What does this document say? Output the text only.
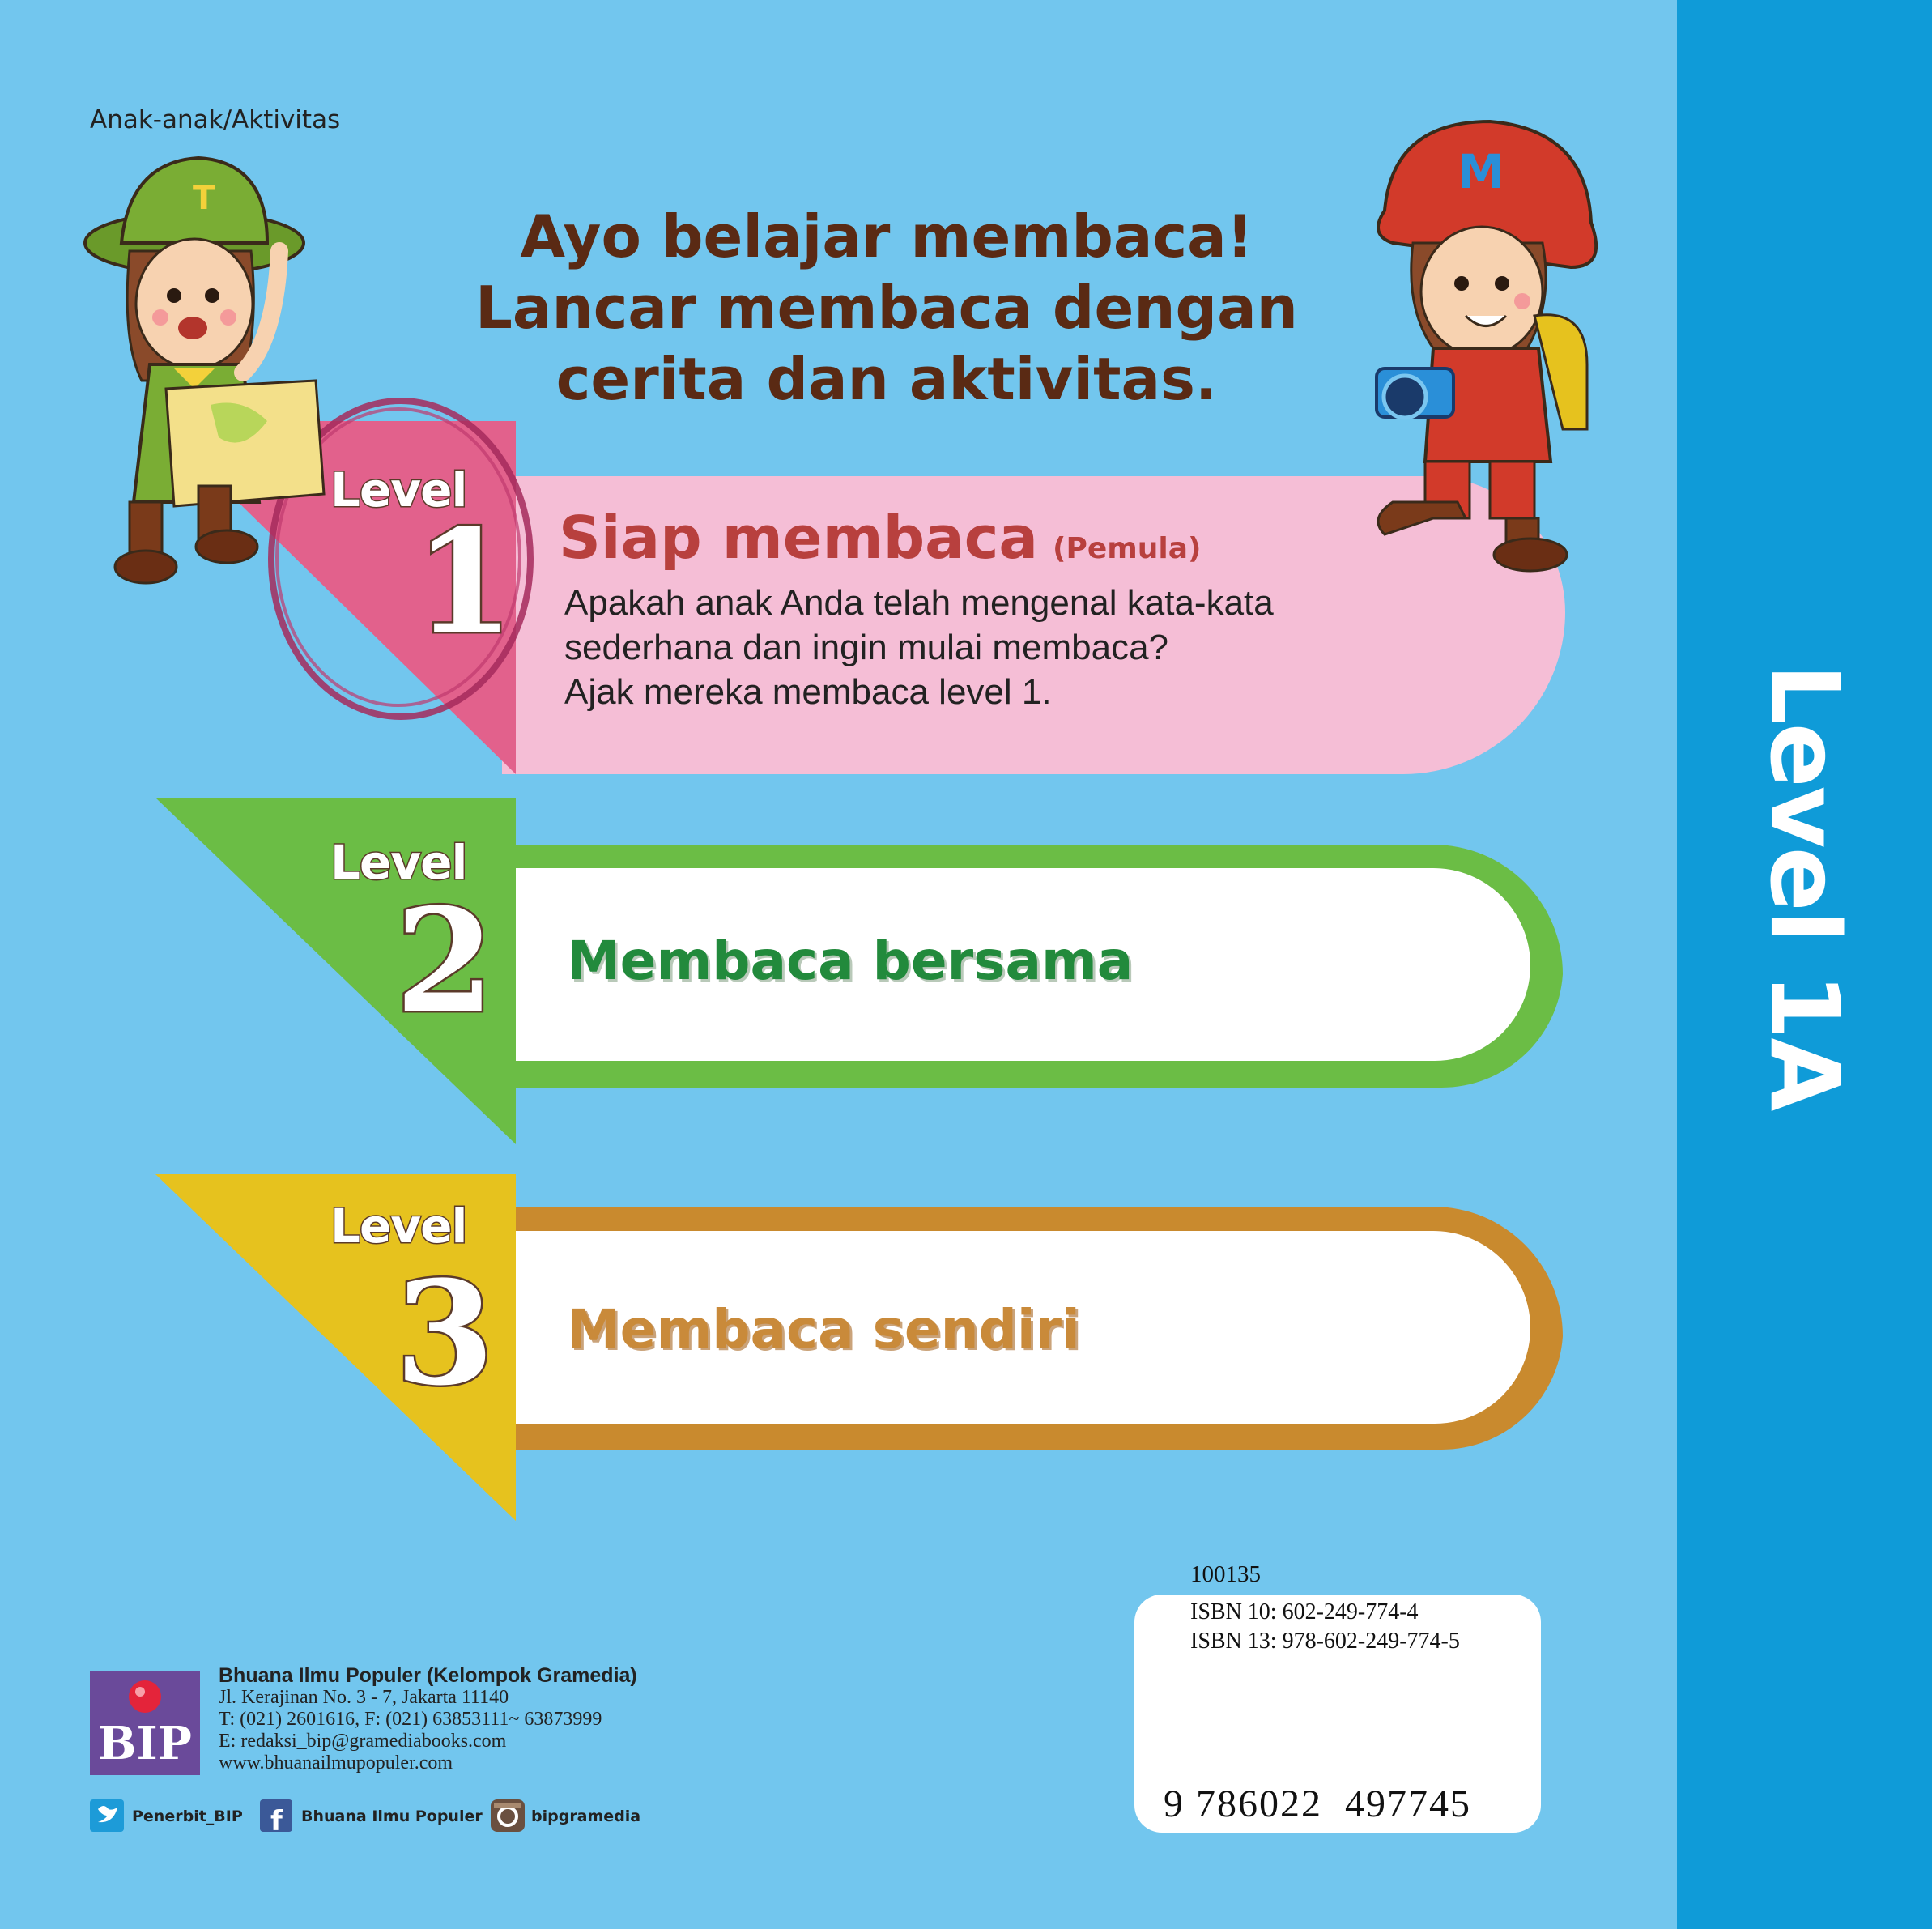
Level 1A
Anak-anak/Aktivitas
Ayo belajar membaca!
Lancar membaca dengan
cerita dan aktivitas.
T	M
f
Level
1
Level
2
Level
3
Siap membaca (Pemula)
Apakah anak Anda telah mengenal kata-kata
sederhana dan ingin mulai membaca?
Ajak mereka membaca level 1.
Membaca bersama
Membaca sendiri
100135
ISBN 10: 602-249-774-4
ISBN 13: 978-602-249-774-5
9 786022 497745
BIP
Bhuana Ilmu Populer (Kelompok Gramedia)
Jl. Kerajinan No. 3 - 7, Jakarta 11140
T: (021) 2601616, F: (021) 63853111~ 63873999
E: redaksi_bip@gramediabooks.com
www.bhuanailmupopuler.com
Penerbit_BIP	Bhuana Ilmu Populer	bipgramedia
